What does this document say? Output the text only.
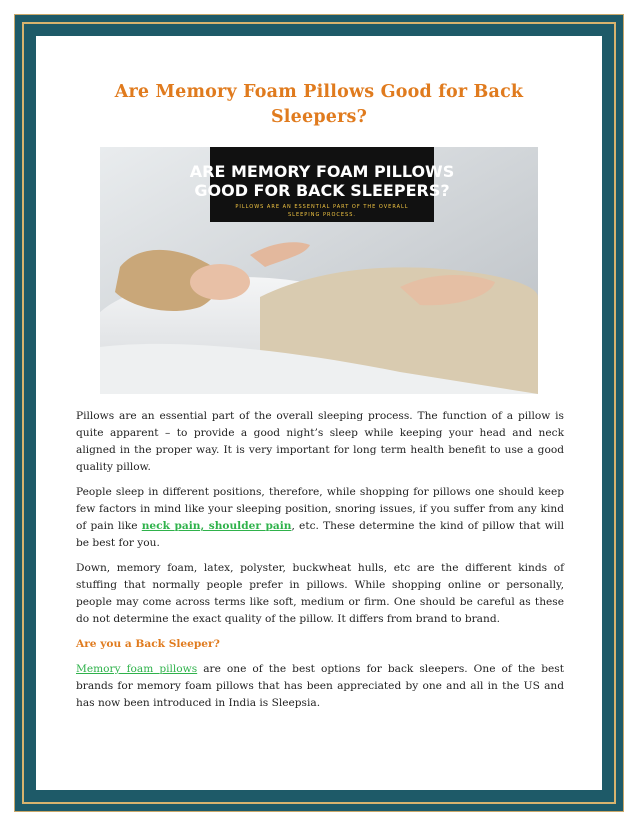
Are Memory Foam Pillows Good for Back Sleepers?
ARE MEMORY FOAM PILLOWS
GOOD FOR BACK SLEEPERS?
PILLOWS ARE AN ESSENTIAL PART OF THE OVERALL
SLEEPING PROCESS.

Pillows are an essential part of the overall sleeping process. The function of a pillow is quite apparent – to provide a good night’s sleep while keeping your head and neck aligned in the proper way. It is very important for long term health benefit to use a good quality pillow.

People sleep in different positions, therefore, while shopping for pillows one should keep few factors in mind like your sleeping position, snoring issues, if you suffer from any kind of pain like neck pain, shoulder pain, etc. These determine the kind of pillow that will be best for you.

Down, memory foam, latex, polyster, buckwheat hulls, etc are the different kinds of stuffing that normally people prefer in pillows. While shopping online or personally, people may come across terms like soft, medium or firm. One should be careful as these do not determine the exact quality of the pillow. It differs from brand to brand.

Are you a Back Sleeper?

Memory foam pillows are one of the best options for back sleepers. One of the best brands for memory foam pillows that has been appreciated by one and all in the US and has now been introduced in India is Sleepsia.
